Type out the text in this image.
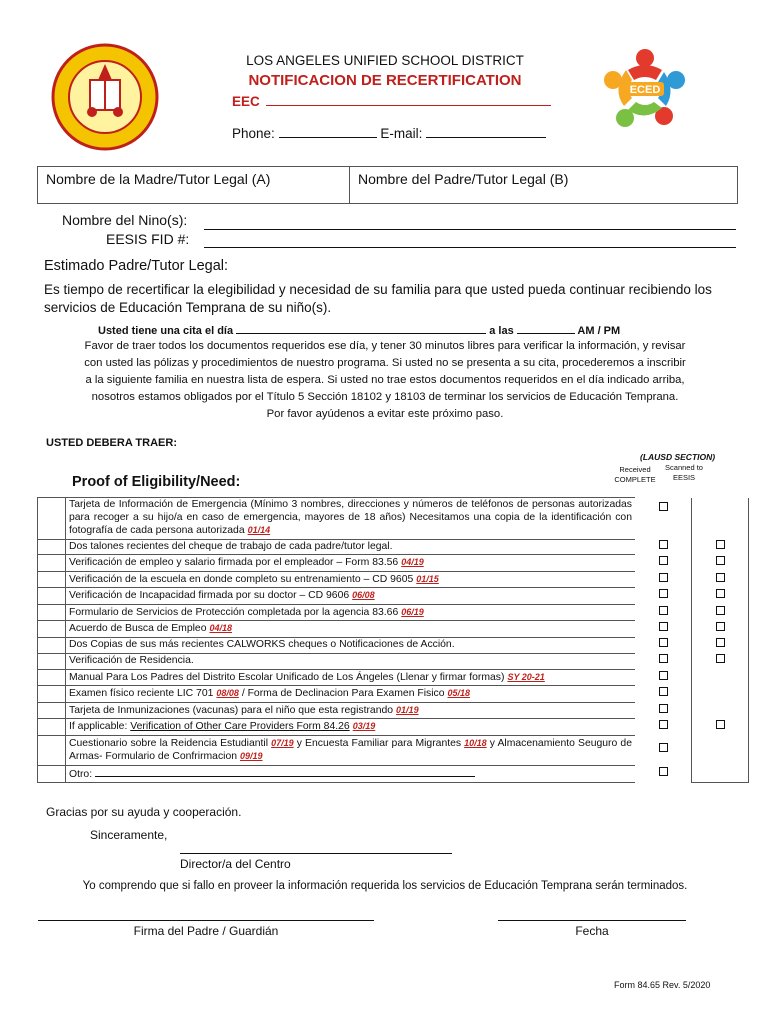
ECED
LOS ANGELES UNIFIED SCHOOL DISTRICT
NOTIFICACION DE RECERTIFICATION
EEC
Phone:	E-mail:
Nombre de la Madre/Tutor Legal (A)	Nombre del Padre/Tutor Legal (B)
Nombre del Nino(s):
EESIS FID #:
Estimado Padre/Tutor Legal:
Es tiempo de recertificar la elegibilidad y necesidad de su familia para que usted pueda continuar recibiendo los servicios de Educación Temprana de su niño(s).
Usted tiene una cita el día	a las	AM / PM
Favor de traer todos los documentos requeridos ese día, y tener 30 minutos libres para verificar la información, y revisar
con usted las pólizas y procedimientos de nuestro programa. Si usted no se presenta a su cita, procederemos a inscribir
a la siguiente familia en nuestra lista de espera. Si usted no trae estos documentos requeridos en el día indicado arriba,
nosotros estamos obligados por el Título 5 Sección 18102 y 18103 de terminar los servicios de Educación Temprana.
Por favor ayúdenos a evitar este próximo paso.
USTED DEBERA TRAER:
(LAUSD SECTION)
Received COMPLETE
Scanned to EESIS
Proof of Eligibility/Need:
	Tarjeta de Información de Emergencia (Mínimo 3 nombres, direcciones y números de teléfonos de personas autorizadas para recoger a su hijo/a en caso de emergencia, mayores de 18 años) Necesitamos una copia de la identificación con fotografía de cada persona autorizada 01/14		
	Dos talones recientes del cheque de trabajo de cada padre/tutor legal.		
	Verificación de empleo y salario firmada por el empleador – Form 83.56 04/19		
	Verificación de la escuela en donde completo su entrenamiento – CD 9605 01/15		
	Verificación de Incapacidad firmada por su doctor – CD 9606 06/08		
	Formulario de Servicios de Protección completada por la agencia 83.66 06/19		
	Acuerdo de Busca de Empleo 04/18		
	Dos Copias de sus más recientes CALWORKS cheques o Notificaciones de Acción.		
	Verificación de Residencia.		
	Manual Para Los Padres del Distrito Escolar Unificado de Los Ángeles (Llenar y firmar formas) SY 20-21		
	Examen físico reciente LIC 701 08/08 / Forma de Declinacion Para Examen Fisico 05/18		
	Tarjeta de Inmunizaciones (vacunas) para el niño que esta registrando 01/19		
	If applicable: Verification of Other Care Providers Form 84.26 03/19		
	Cuestionario sobre la Reidencia Estudiantil 07/19 y Encuesta Familiar para Migrantes 10/18 y Almacenamiento Seuguro de Armas- Formulario de Confrirmacion 09/19		
	Otro:		
Gracias por su ayuda y cooperación.
Sinceramente,
Director/a del Centro
Yo comprendo que si fallo en proveer la información requerida los servicios de Educación Temprana serán terminados.
Firma del Padre / Guardián	Fecha
Form 84.65 Rev. 5/2020
